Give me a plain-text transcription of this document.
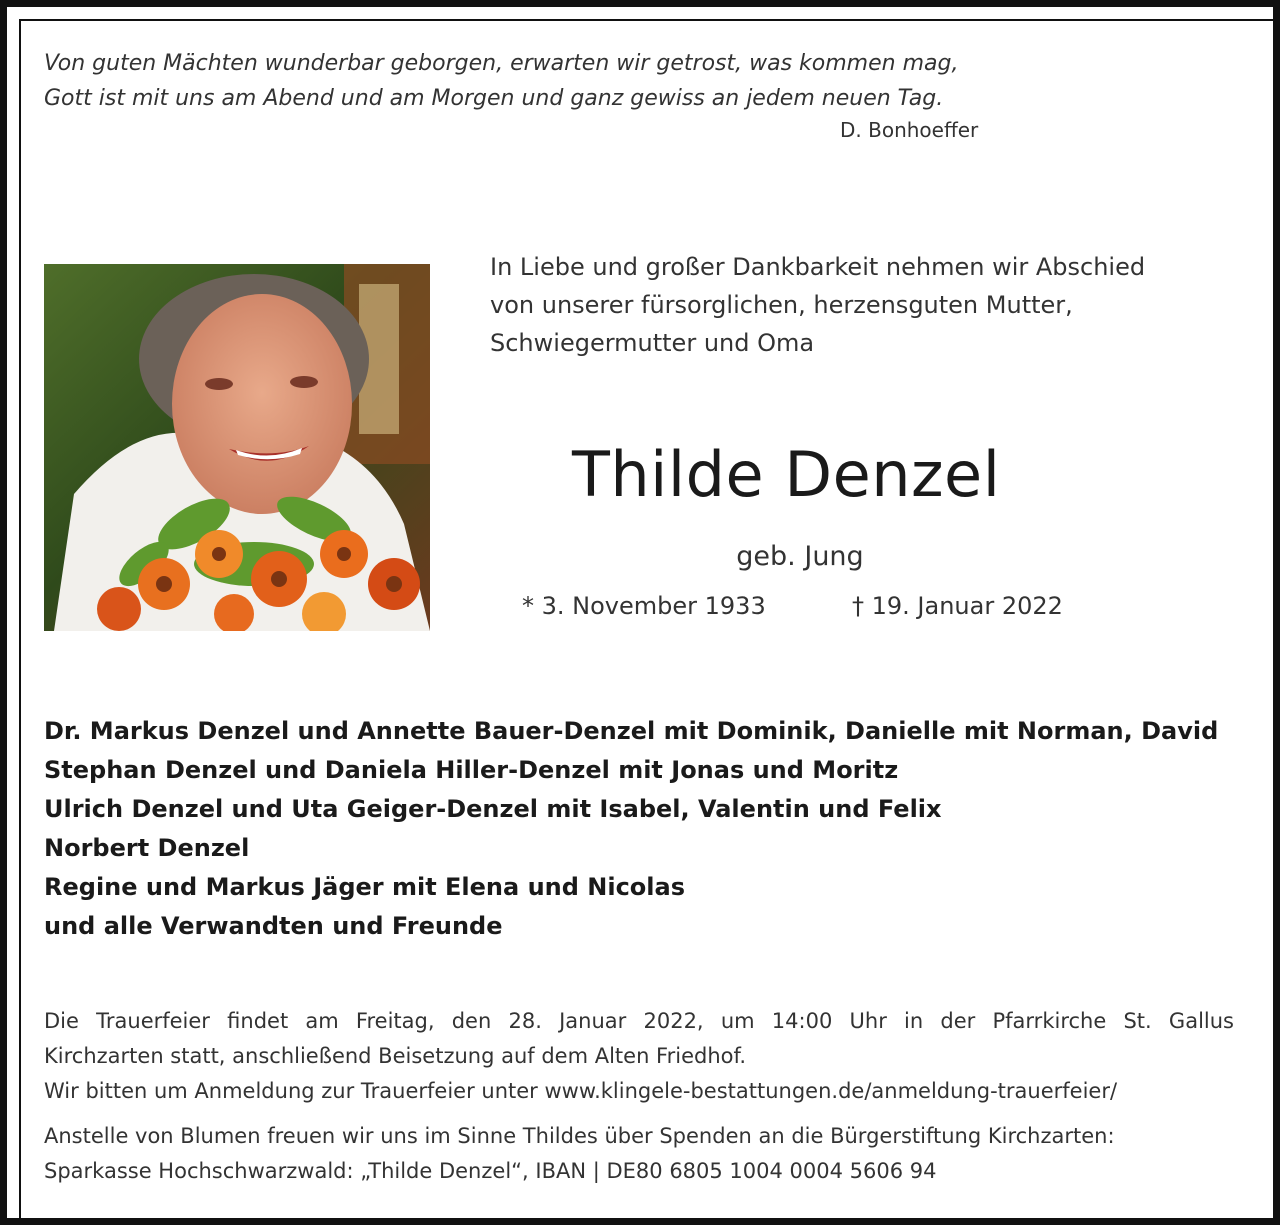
Von guten Mächten wunderbar geborgen, erwarten wir getrost, was kommen mag,
Gott ist mit uns am Abend und am Morgen und ganz gewiss an jedem neuen Tag.
D. Bonhoeffer
In Liebe und großer Dankbarkeit nehmen wir Abschied
von unserer fürsorglichen, herzensguten Mutter,
Schwiegermutter und Oma
Thilde Denzel
geb. Jung
* 3. November 1933	† 19. Januar 2022
Dr. Markus Denzel und Annette Bauer-Denzel mit Dominik, Danielle mit Norman, David
Stephan Denzel und Daniela Hiller-Denzel mit Jonas und Moritz
Ulrich Denzel und Uta Geiger-Denzel mit Isabel, Valentin und Felix
Norbert Denzel
Regine und Markus Jäger mit Elena und Nicolas
und alle Verwandten und Freunde

Die Trauerfeier findet am Freitag, den 28. Januar 2022, um 14:00 Uhr in der Pfarrkirche St. Gallus

Kirchzarten statt, anschließend Beisetzung auf dem Alten Friedhof.

Wir bitten um Anmeldung zur Trauerfeier unter www.klingele-bestattungen.de/anmeldung-trauerfeier/

Anstelle von Blumen freuen wir uns im Sinne Thildes über Spenden an die Bürgerstiftung Kirchzarten:

Sparkasse Hochschwarzwald: „Thilde Denzel“, IBAN | DE80 6805 1004 0004 5606 94
